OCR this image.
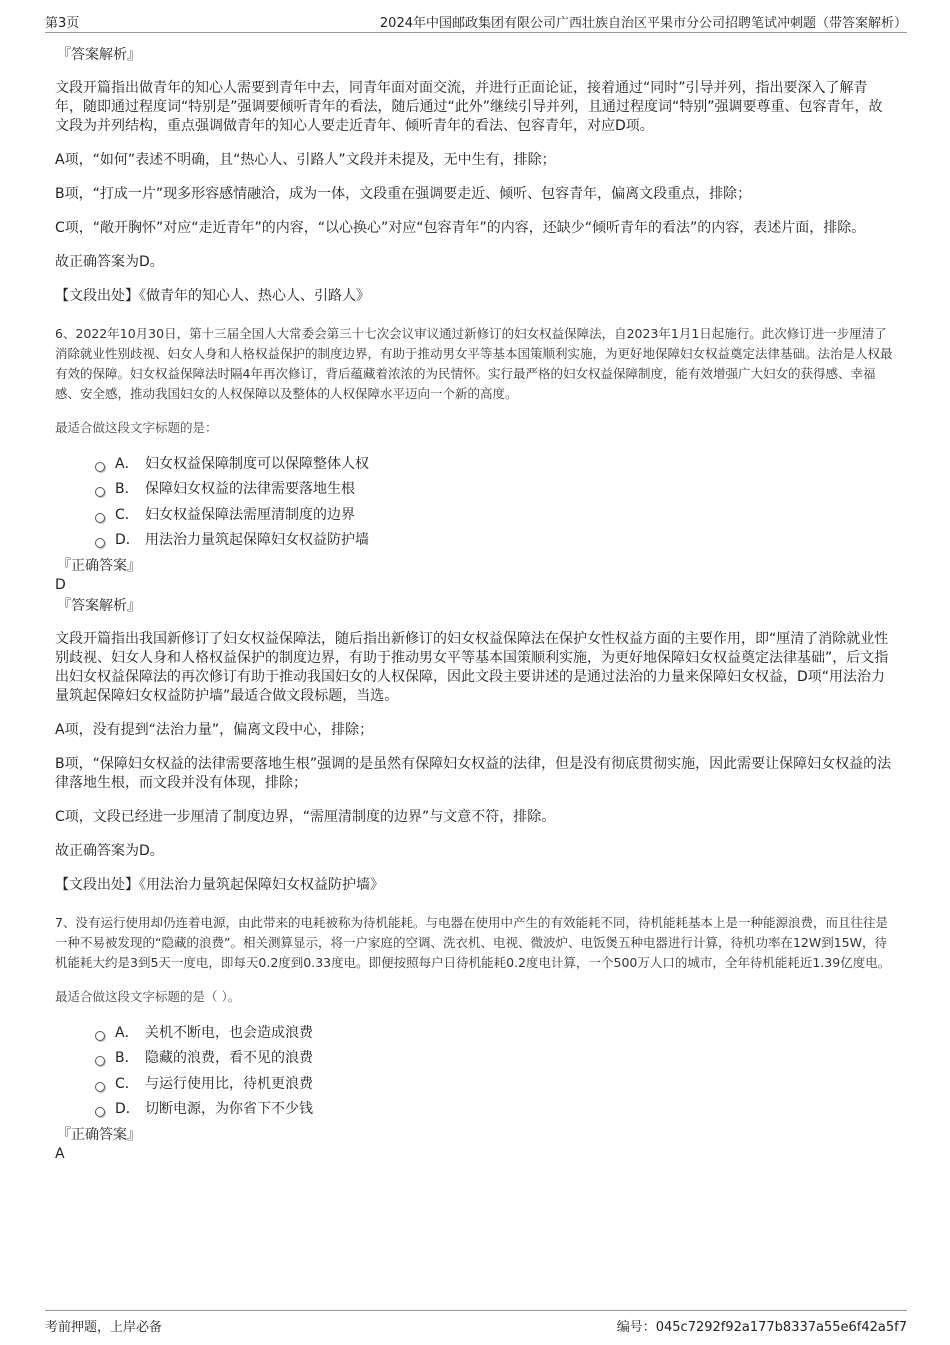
第3页	2024年中国邮政集团有限公司广西壮族自治区平果市分公司招聘笔试冲刺题（带答案解析）
『答案解析』

文段开篇指出做青年的知心人需要到青年中去，同青年面对面交流，并进行正面论证，接着通过“同时”引导并列，指出要深入了解青年，随即通过程度词“特别是”强调要倾听青年的看法，随后通过“此外”继续引导并列，且通过程度词“特别”强调要尊重、包容青年，故文段为并列结构，重点强调做青年的知心人要走近青年、倾听青年的看法、包容青年，对应D项。

A项，“如何”表述不明确，且“热心人、引路人”文段并未提及，无中生有，排除；

B项，“打成一片”现多形容感情融洽，成为一体，文段重在强调要走近、倾听、包容青年，偏离文段重点，排除；

C项，“敞开胸怀”对应“走近青年”的内容，“以心换心”对应“包容青年”的内容，还缺少“倾听青年的看法”的内容，表述片面，排除。

故正确答案为D。

【文段出处】《做青年的知心人、热心人、引路人》

6、2022年10月30日，第十三届全国人大常委会第三十七次会议审议通过新修订的妇女权益保障法，自2023年1月1日起施行。此次修订进一步厘清了消除就业性别歧视、妇女人身和人格权益保护的制度边界，有助于推动男女平等基本国策顺利实施，为更好地保障妇女权益奠定法律基础。法治是人权最有效的保障。妇女权益保障法时隔4年再次修订，背后蕴藏着浓浓的为民情怀。实行最严格的妇女权益保障制度，能有效增强广大妇女的获得感、幸福感、安全感，推动我国妇女的人权保障以及整体的人权保障水平迈向一个新的高度。

最适合做这段文字标题的是：

A． 妇女权益保障制度可以保障整体人权
B． 保障妇女权益的法律需要落地生根
C． 妇女权益保障法需厘清制度的边界
D． 用法治力量筑起保障妇女权益防护墙
『正确答案』
D
『答案解析』

文段开篇指出我国新修订了妇女权益保障法，随后指出新修订的妇女权益保障法在保护女性权益方面的主要作用，即“厘清了消除就业性别歧视、妇女人身和人格权益保护的制度边界，有助于推动男女平等基本国策顺利实施，为更好地保障妇女权益奠定法律基础”，后文指出妇女权益保障法的再次修订有助于推动我国妇女的人权保障，因此文段主要讲述的是通过法治的力量来保障妇女权益，D项“用法治力量筑起保障妇女权益防护墙”最适合做文段标题，当选。

A项，没有提到“法治力量”，偏离文段中心，排除；

B项，“保障妇女权益的法律需要落地生根”强调的是虽然有保障妇女权益的法律，但是没有彻底贯彻实施，因此需要让保障妇女权益的法律落地生根，而文段并没有体现，排除；

C项，文段已经进一步厘清了制度边界，“需厘清制度的边界”与文意不符，排除。

故正确答案为D。

【文段出处】《用法治力量筑起保障妇女权益防护墙》

7、没有运行使用却仍连着电源，由此带来的电耗被称为待机能耗。与电器在使用中产生的有效能耗不同，待机能耗基本上是一种能源浪费，而且往往是一种不易被发现的“隐藏的浪费”。相关测算显示，将一户家庭的空调、洗衣机、电视、微波炉、电饭煲五种电器进行计算，待机功率在12W到15W，待机能耗大约是3到5天一度电，即每天0.2度到0.33度电。即便按照每户日待机能耗0.2度电计算，一个500万人口的城市，全年待机能耗近1.39亿度电。

最适合做这段文字标题的是（ ）。

A． 关机不断电，也会造成浪费
B． 隐藏的浪费，看不见的浪费
C． 与运行使用比，待机更浪费
D． 切断电源，为你省下不少钱
『正确答案』
A
考前押题，上岸必备	编号：045c7292f92a177b8337a55e6f42a5f7
